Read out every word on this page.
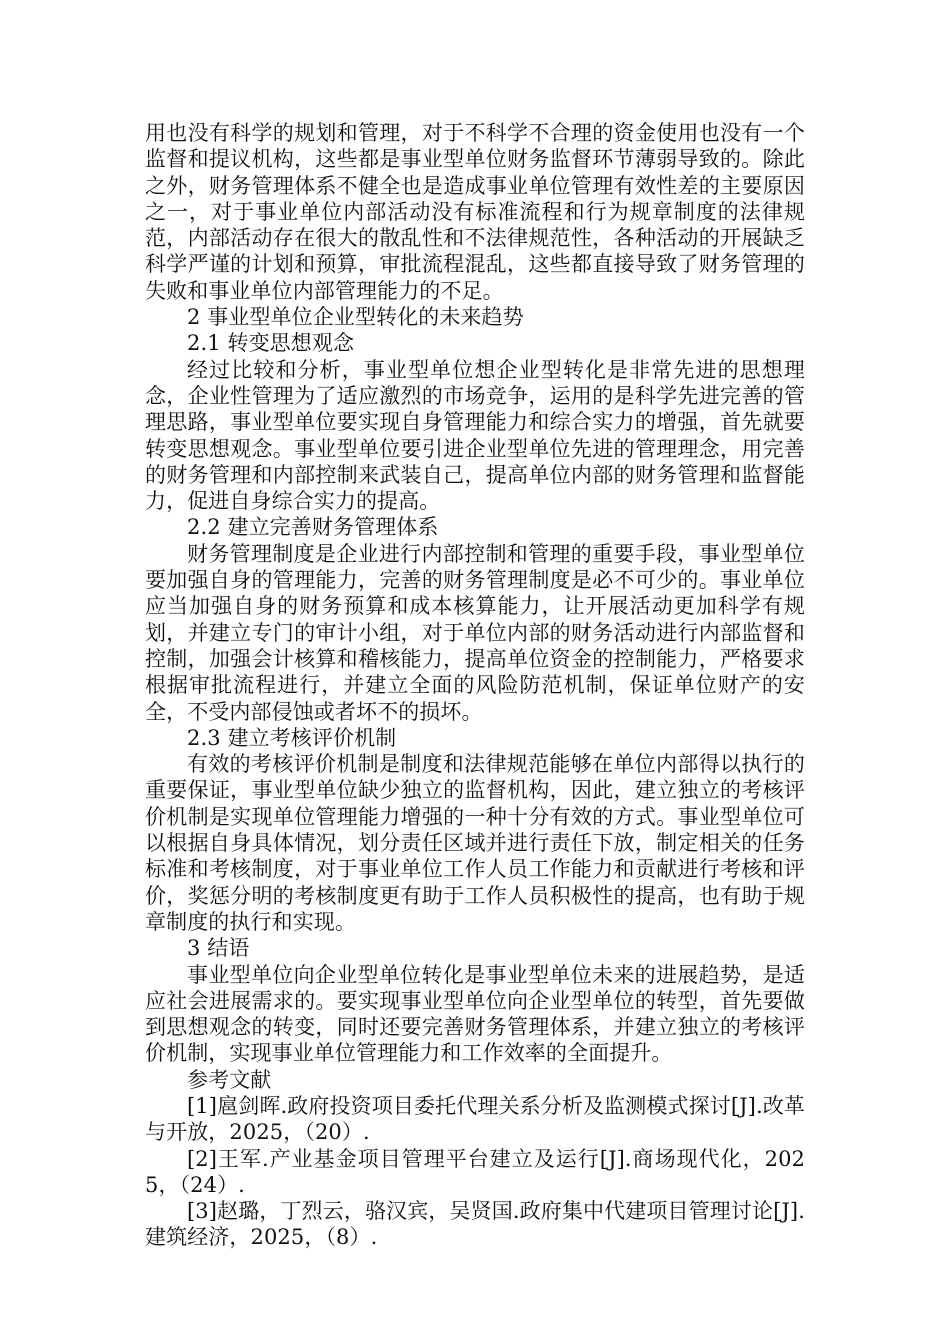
用也没有科学的规划和管理，对于不科学不合理的资金使用也没有一个监督和提议机构，这些都是事业型单位财务监督环节薄弱导致的。除此之外，财务管理体系不健全也是造成事业单位管理有效性差的主要原因之一，对于事业单位内部活动没有标准流程和行为规章制度的法律规范，内部活动存在很大的散乱性和不法律规范性，各种活动的开展缺乏科学严谨的计划和预算，审批流程混乱，这些都直接导致了财务管理的失败和事业单位内部管理能力的不足。

2 事业型单位企业型转化的未来趋势

2.1 转变思想观念

经过比较和分析，事业型单位想企业型转化是非常先进的思想理念，企业性管理为了适应激烈的市场竞争，运用的是科学先进完善的管理思路，事业型单位要实现自身管理能力和综合实力的增强，首先就要转变思想观念。事业型单位要引进企业型单位先进的管理理念，用完善的财务管理和内部控制来武装自己，提高单位内部的财务管理和监督能力，促进自身综合实力的提高。

2.2 建立完善财务管理体系

财务管理制度是企业进行内部控制和管理的重要手段，事业型单位要加强自身的管理能力，完善的财务管理制度是必不可少的。事业单位应当加强自身的财务预算和成本核算能力，让开展活动更加科学有规划，并建立专门的审计小组，对于单位内部的财务活动进行内部监督和控制，加强会计核算和稽核能力，提高单位资金的控制能力，严格要求根据审批流程进行，并建立全面的风险防范机制，保证单位财产的安全，不受内部侵蚀或者坏不的损坏。

2.3 建立考核评价机制

有效的考核评价机制是制度和法律规范能够在单位内部得以执行的重要保证，事业型单位缺少独立的监督机构，因此，建立独立的考核评价机制是实现单位管理能力增强的一种十分有效的方式。事业型单位可以根据自身具体情况，划分责任区域并进行责任下放，制定相关的任务标准和考核制度，对于事业单位工作人员工作能力和贡献进行考核和评价，奖惩分明的考核制度更有助于工作人员积极性的提高，也有助于规章制度的执行和实现。

3 结语

事业型单位向企业型单位转化是事业型单位未来的进展趋势，是适应社会进展需求的。要实现事业型单位向企业型单位的转型，首先要做到思想观念的转变，同时还要完善财务管理体系，并建立独立的考核评价机制，实现事业单位管理能力和工作效率的全面提升。

参考文献

[1]扈剑晖.政府投资项目委托代理关系分析及监测模式探讨[J].改革与开放，2025，（20）.

[2]王军.产业基金项目管理平台建立及运行[J].商场现代化，2025，（24）.

[3]赵璐，丁烈云，骆汉宾，吴贤国.政府集中代建项目管理讨论[J].建筑经济，2025，（8）.
